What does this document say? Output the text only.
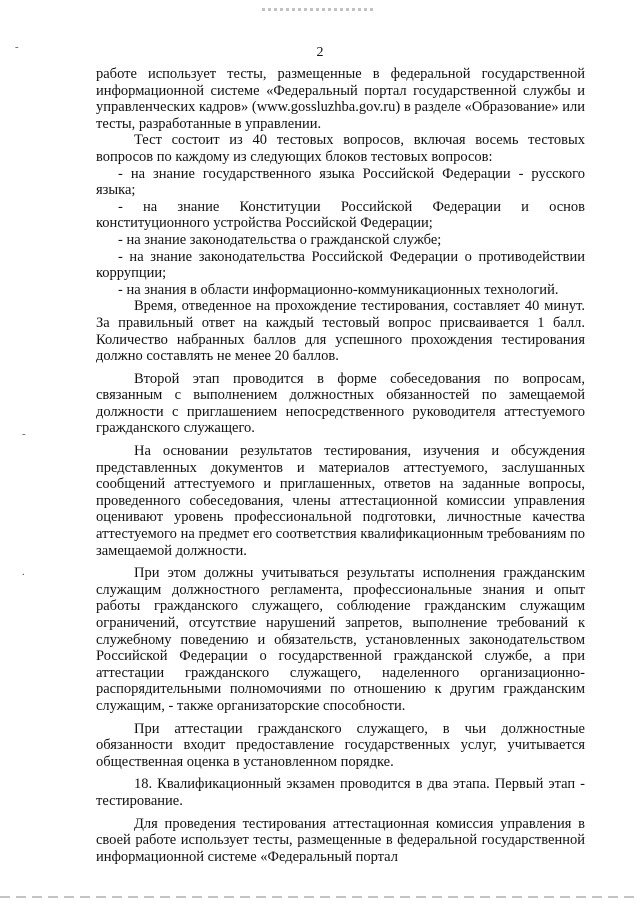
-
-
.
2

работе использует тесты, размещенные в федеральной государственной информационной системе «Федеральный портал государственной службы и управленческих кадров» (www.gossluzhba.gov.ru) в разделе «Образование» или тесты, разработанные в управлении.

Тест состоит из 40 тестовых вопросов, включая восемь тестовых вопросов по каждому из следующих блоков тестовых вопросов:

- на знание государственного языка Российской Федерации - русского языка;

- на знание Конституции Российской Федерации и основ конституционного устройства Российской Федерации;

- на знание законодательства о гражданской службе;

- на знание законодательства Российской Федерации о противодействии коррупции;

- на знания в области информационно-коммуникационных технологий.

Время, отведенное на прохождение тестирования, составляет 40 минут. За правильный ответ на каждый тестовый вопрос присваивается 1 балл. Количество набранных баллов для успешного прохождения тестирования должно составлять не менее 20 баллов.

Второй этап проводится в форме собеседования по вопросам, связанным с выполнением должностных обязанностей по замещаемой должности с приглашением непосредственного руководителя аттестуемого гражданского служащего.

На основании результатов тестирования, изучения и обсуждения представленных документов и материалов аттестуемого, заслушанных сообщений аттестуемого и приглашенных, ответов на заданные вопросы, проведенного собеседования, члены аттестационной комиссии управления оценивают уровень профессиональной подготовки, личностные качества аттестуемого на предмет его соответствия квалификационным требованиям по замещаемой должности.

При этом должны учитываться результаты исполнения гражданским служащим должностного регламента, профессиональные знания и опыт работы гражданского служащего, соблюдение гражданским служащим ограничений, отсутствие нарушений запретов, выполнение требований к служебному поведению и обязательств, установленных законодательством Российской Федерации о государственной гражданской службе, а при аттестации гражданского служащего, наделенного организационно-распорядительными полномочиями по отношению к другим гражданским служащим, - также организаторские способности.

При аттестации гражданского служащего, в чьи должностные обязанности входит предоставление государственных услуг, учитывается общественная оценка в установленном порядке.

18. Квалификационный экзамен проводится в два этапа. Первый этап - тестирование.

Для проведения тестирования аттестационная комиссия управления в своей работе использует тесты, размещенные в федеральной государственной информационной системе «Федеральный портал
